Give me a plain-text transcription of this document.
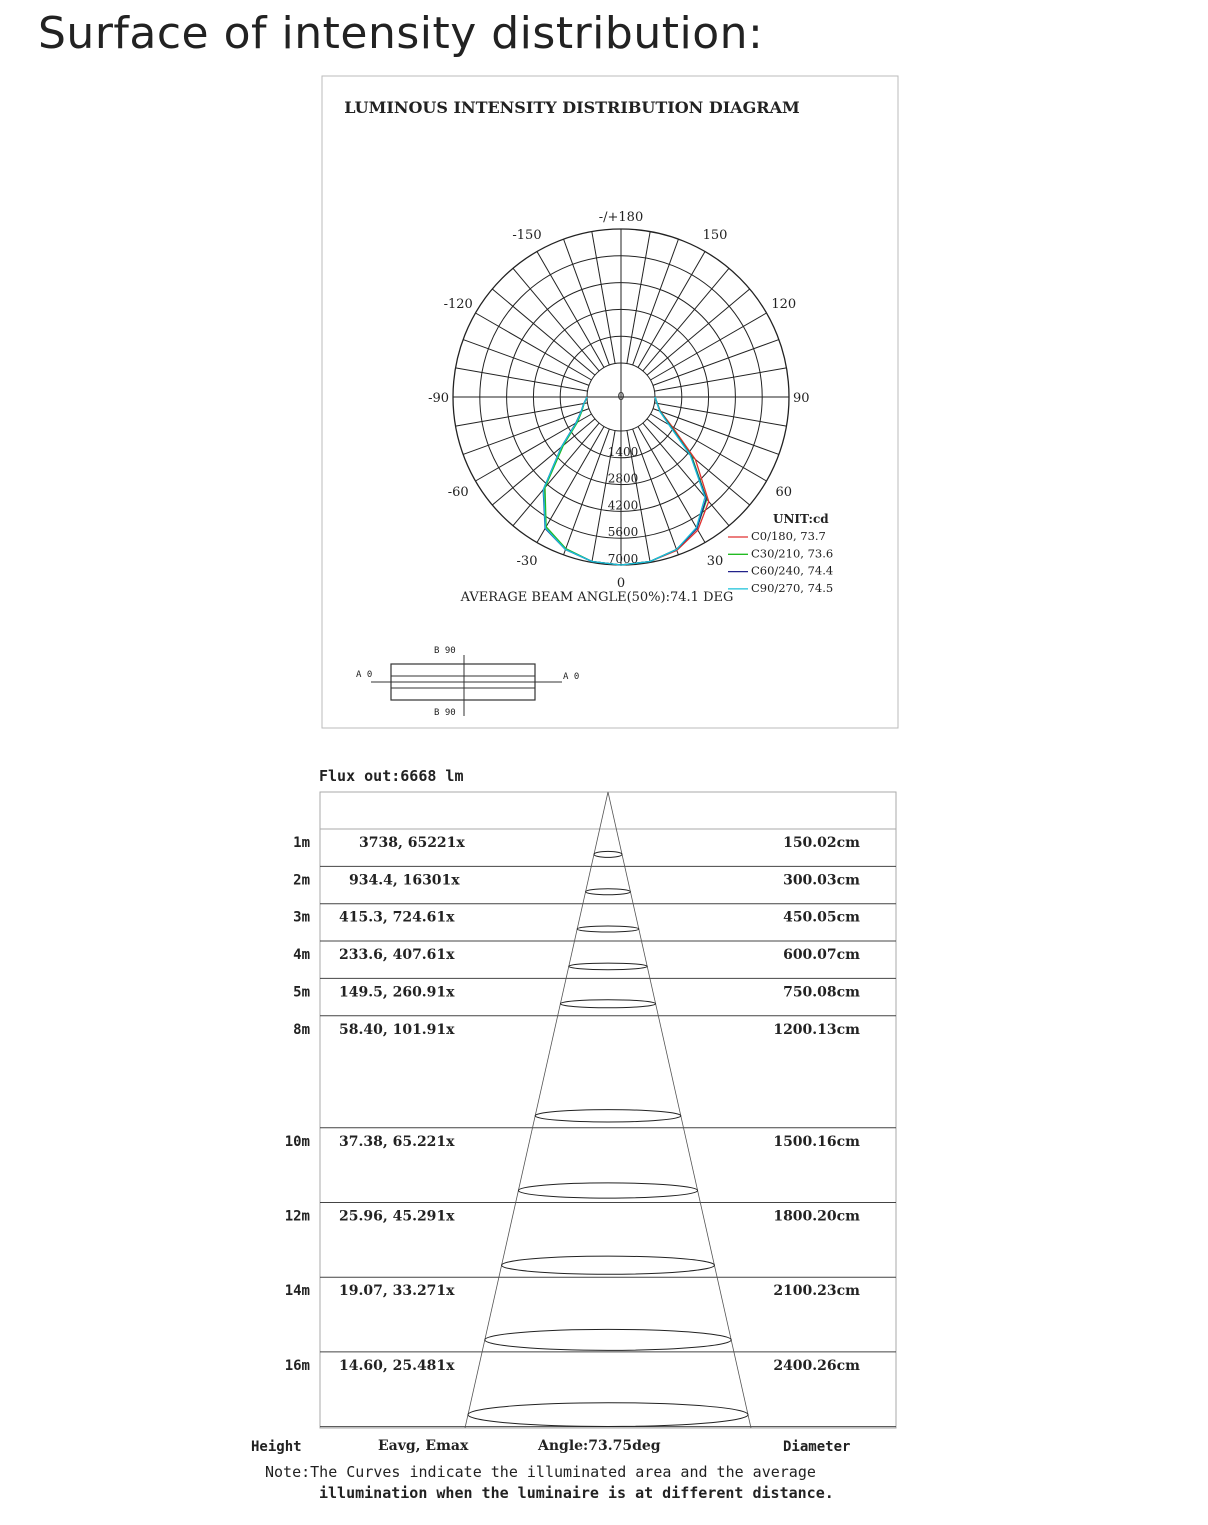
Surface of intensity distribution:
LUMINOUS INTENSITY DISTRIBUTION DIAGRAM
-/+180
150
-150
120
-120
90
-90
60
-60
30
-30
0
0
1400
2800
4200
5600
7000
AVERAGE BEAM ANGLE(50%):74.1 DEG
UNIT:cd
C0/180, 73.7
C30/210, 73.6
C60/240, 74.4
C90/270, 74.5
A 0	A 0
B 90
B 90
Flux out:6668 lm
1m	3738, 65221x	150.02cm
2m	934.4, 16301x	300.03cm
3m 415.3, 724.61x	450.05cm
4m 233.6, 407.61x	600.07cm
5m 149.5, 260.91x	750.08cm
8m 58.40, 101.91x	1200.13cm
10m 37.38, 65.221x	1500.16cm
12m 25.96, 45.291x	1800.20cm
14m 19.07, 33.271x	2100.23cm
16m 14.60, 25.481x	2400.26cm
Height	Eavg, Emax	Angle:73.75deg	Diameter
Note:The Curves indicate the illuminated area and the average
illumination when the luminaire is at different distance.
